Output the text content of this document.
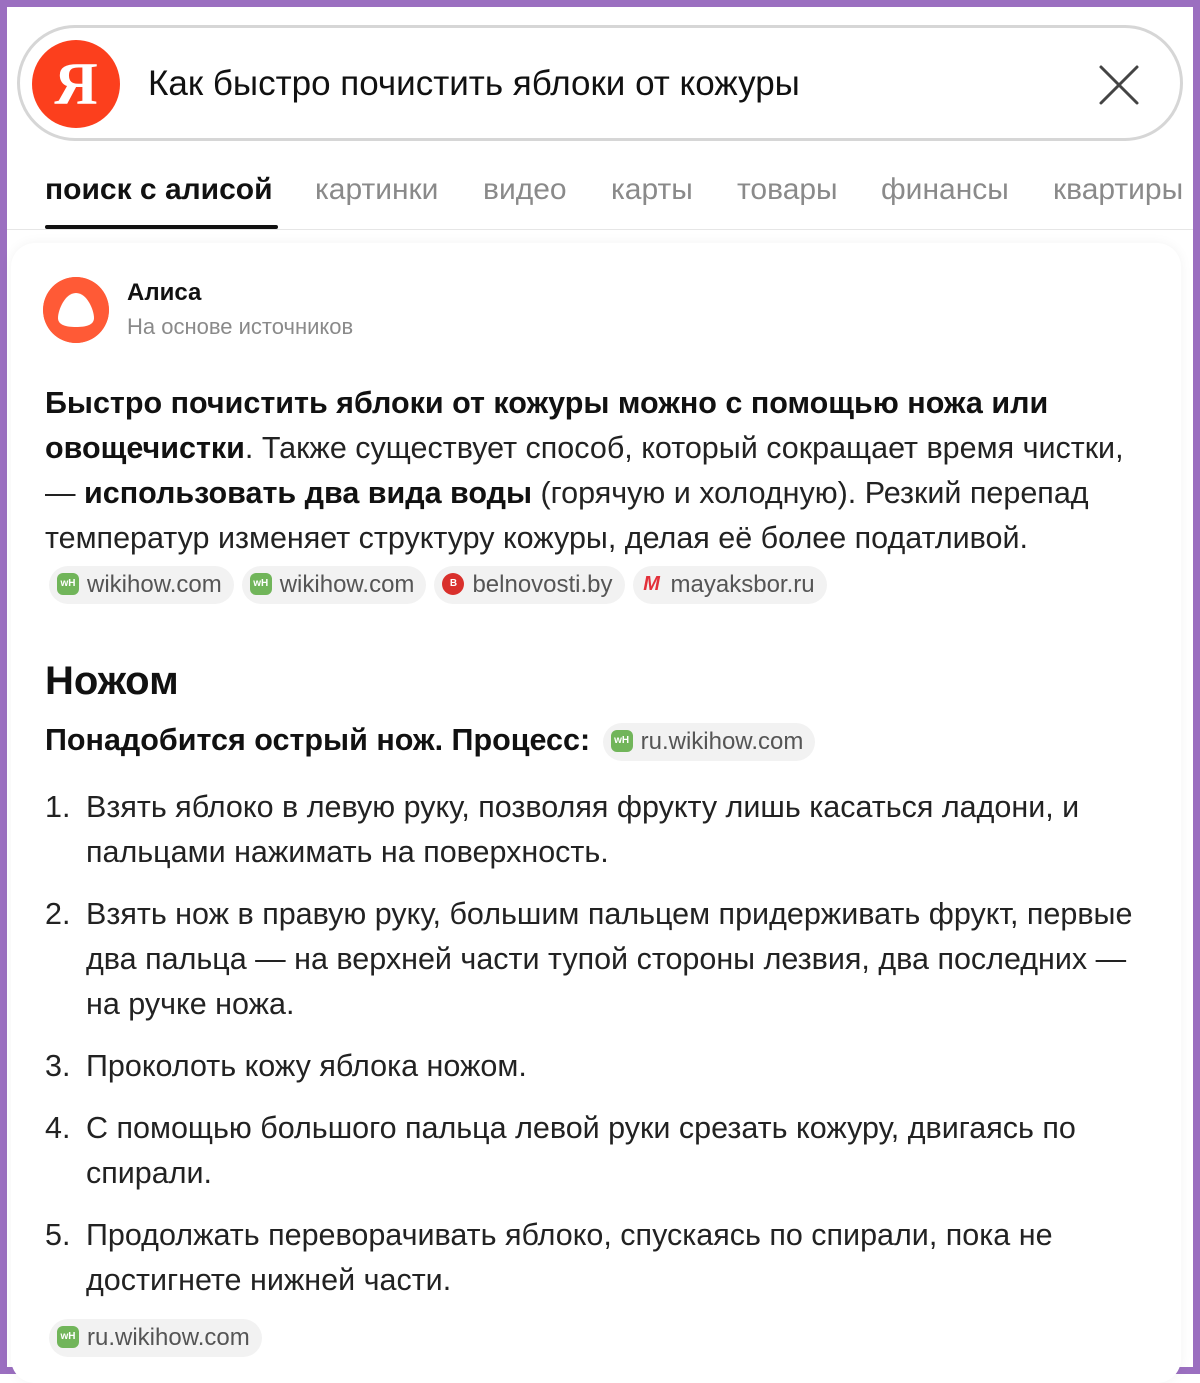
Я	Как быстро почистить яблоки от кожуры
поиск с алисой картинки видео карты товары финансы квартиры
Алиса
На основе источников
Быстро почистить яблоки от кожуры можно с помощью ножа или овощечистки. Также существует способ, который сокращает время чистки, — использовать два вида воды (горячую и холодную). Резкий перепад температур изменяет структуру кожуры, делая её более податливой. wH wikihow.com	wH wikihow.com	B belnovosti.by M mayaksbor.ru
Ножом
Понадобится острый нож. Процесс: wH ru.wikihow.com
1. Взять яблоко в левую руку, позволяя фрукту лишь касаться ладони, и пальцами нажимать на поверхность.
2. Взять нож в правую руку, большим пальцем придерживать фрукт, первые два пальца — на верхней части тупой стороны лезвия, два последних — на ручке ножа.
3. Проколоть кожу яблока ножом.
4. С помощью большого пальца левой руки срезать кожуру, двигаясь по спирали.
5. Продолжать переворачивать яблоко, спускаясь по спирали, пока не достигнете нижней части.
wH ru.wikihow.com
